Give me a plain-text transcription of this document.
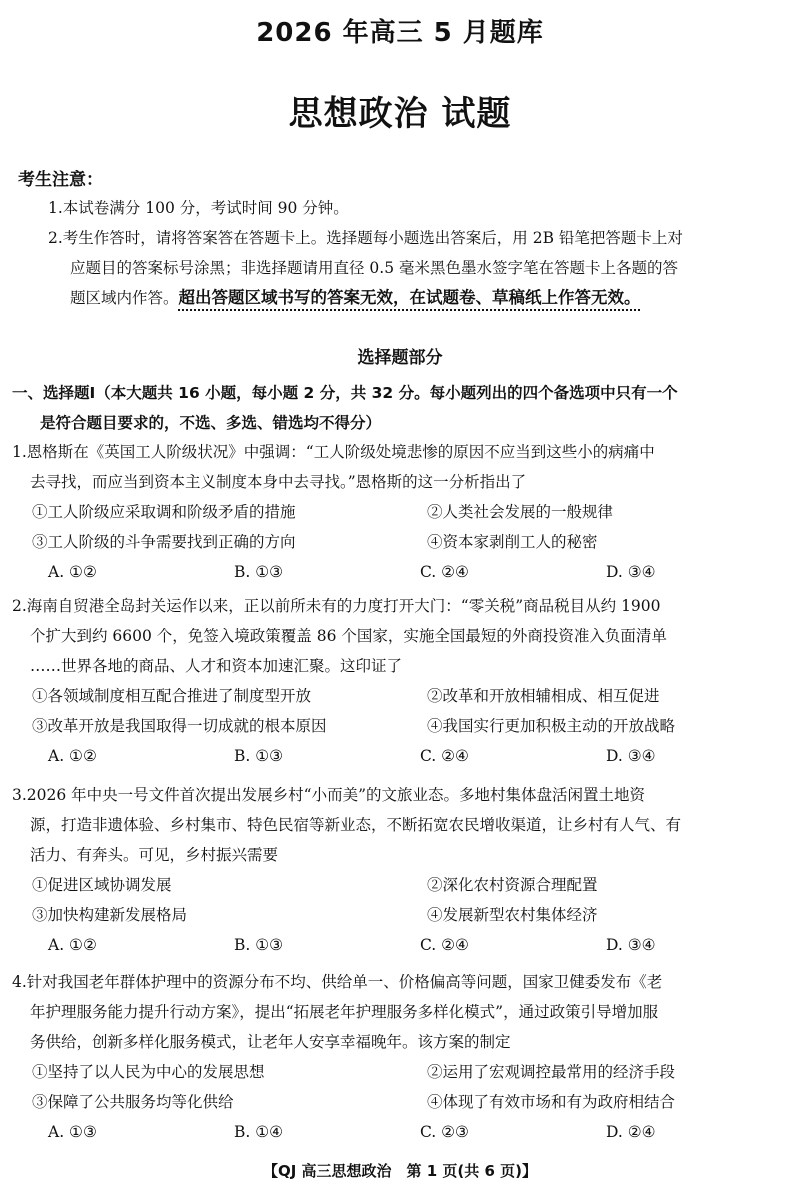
2026 年高三 5 月题库
思想政治 试题
考生注意：
1.本试卷满分 100 分，考试时间 90 分钟。
2.考生作答时，请将答案答在答题卡上。选择题每小题选出答案后，用 2B 铅笔把答题卡上对
应题目的答案标号涂黑；非选择题请用直径 0.5 毫米黑色墨水签字笔在答题卡上各题的答
题区域内作答。超出答题区域书写的答案无效，在试题卷、草稿纸上作答无效。
选择题部分
一、选择题Ⅰ（本大题共 16 小题，每小题 2 分，共 32 分。每小题列出的四个备选项中只有一个
是符合题目要求的，不选、多选、错选均不得分）
1.恩格斯在《英国工人阶级状况》中强调：“工人阶级处境悲惨的原因不应当到这些小的病痛中
去寻找，而应当到资本主义制度本身中去寻找。”恩格斯的这一分析指出了
①工人阶级应采取调和阶级矛盾的措施	②人类社会发展的一般规律
③工人阶级的斗争需要找到正确的方向	④资本家剥削工人的秘密
A. ①②	B. ①③	C. ②④	D. ③④
2.海南自贸港全岛封关运作以来，正以前所未有的力度打开大门：“零关税”商品税目从约 1900
个扩大到约 6600 个，免签入境政策覆盖 86 个国家，实施全国最短的外商投资准入负面清单
……世界各地的商品、人才和资本加速汇聚。这印证了
①各领域制度相互配合推进了制度型开放	②改革和开放相辅相成、相互促进
③改革开放是我国取得一切成就的根本原因	④我国实行更加积极主动的开放战略
A. ①②	B. ①③	C. ②④	D. ③④
3.2026 年中央一号文件首次提出发展乡村“小而美”的文旅业态。多地村集体盘活闲置土地资
源，打造非遗体验、乡村集市、特色民宿等新业态，不断拓宽农民增收渠道，让乡村有人气、有
活力、有奔头。可见，乡村振兴需要
①促进区域协调发展	②深化农村资源合理配置
③加快构建新发展格局	④发展新型农村集体经济
A. ①②	B. ①③	C. ②④	D. ③④
4.针对我国老年群体护理中的资源分布不均、供给单一、价格偏高等问题，国家卫健委发布《老
年护理服务能力提升行动方案》，提出“拓展老年护理服务多样化模式”，通过政策引导增加服
务供给，创新多样化服务模式，让老年人安享幸福晚年。该方案的制定
①坚持了以人民为中心的发展思想	②运用了宏观调控最常用的经济手段
③保障了公共服务均等化供给	④体现了有效市场和有为政府相结合
A. ①③	B. ①④	C. ②③	D. ②④
【QJ 高三思想政治　第 1 页(共 6 页)】
